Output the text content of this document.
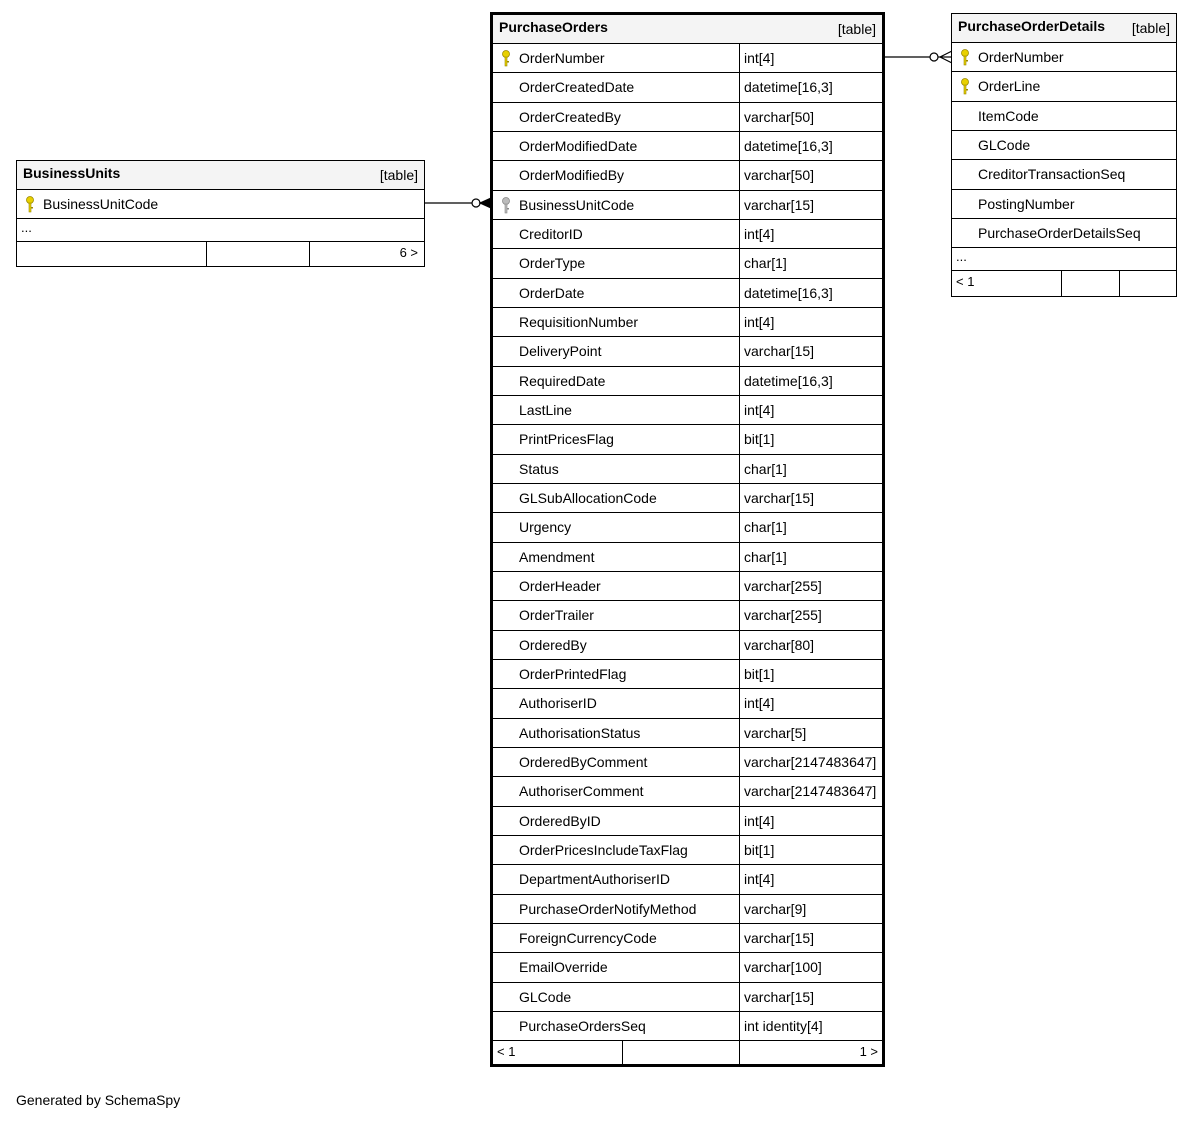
BusinessUnits	[table]
BusinessUnitCode
...
6 >
PurchaseOrders	[table]
OrderNumber	int[4]
OrderCreatedDate	datetime[16,3]
OrderCreatedBy	varchar[50]
OrderModifiedDate	datetime[16,3]
OrderModifiedBy	varchar[50]
BusinessUnitCode	varchar[15]
CreditorID	int[4]
OrderType	char[1]
OrderDate	datetime[16,3]
RequisitionNumber	int[4]
DeliveryPoint	varchar[15]
RequiredDate	datetime[16,3]
LastLine	int[4]
PrintPricesFlag	bit[1]
Status	char[1]
GLSubAllocationCode	varchar[15]
Urgency	char[1]
Amendment	char[1]
OrderHeader	varchar[255]
OrderTrailer	varchar[255]
OrderedBy	varchar[80]
OrderPrintedFlag	bit[1]
AuthoriserID	int[4]
AuthorisationStatus	varchar[5]
OrderedByComment	varchar[2147483647]
AuthoriserComment	varchar[2147483647]
OrderedByID	int[4]
OrderPricesIncludeTaxFlag	bit[1]
DepartmentAuthoriserID	int[4]
PurchaseOrderNotifyMethod	varchar[9]
ForeignCurrencyCode	varchar[15]
EmailOverride	varchar[100]
GLCode	varchar[15]
PurchaseOrdersSeq	int identity[4]
< 1	1 >
PurchaseOrderDetails [table]
OrderNumber
OrderLine
ItemCode
GLCode
CreditorTransactionSeq
PostingNumber
PurchaseOrderDetailsSeq
...
< 1
Generated by SchemaSpy
